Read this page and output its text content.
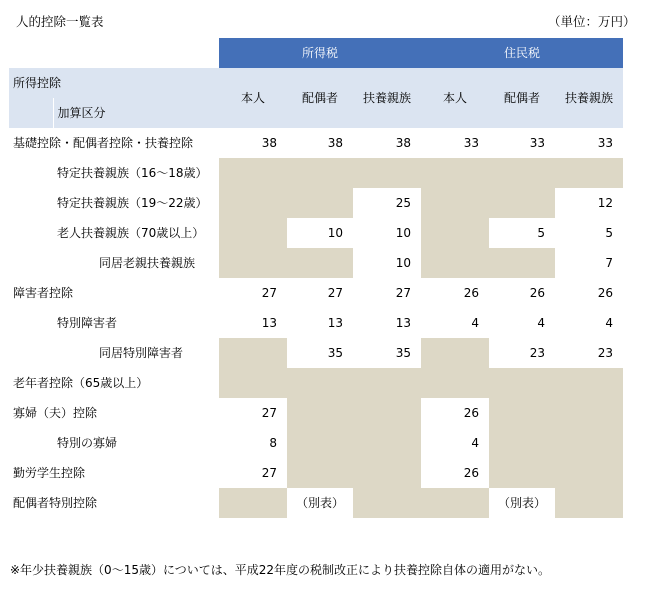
人的控除一覧表	（単位：万円）
			所得税			住民税		
所得控除			本人	配偶者	扶養親族	本人	配偶者	扶養親族
	加算区分							
基礎控除・配偶者控除・扶養控除			38	38	38	33	33	33
	特定扶養親族（16～18歳）							
	特定扶養親族（19～22歳）				25			12
	老人扶養親族（70歳以上）			10	10		5	5
		同居老親扶養親族			10			7
障害者控除			27	27	27	26	26	26
	特別障害者		13	13	13	4	4	4
		同居特別障害者		35	35		23	23
老年者控除（65歳以上）								
寡婦（夫）控除			27			26		
	特別の寡婦		8			4		
勤労学生控除			27			26		
配偶者特別控除				（別表）			（別表）	
※年少扶養親族（0～15歳）については、平成22年度の税制改正により扶養控除自体の適用がない。
